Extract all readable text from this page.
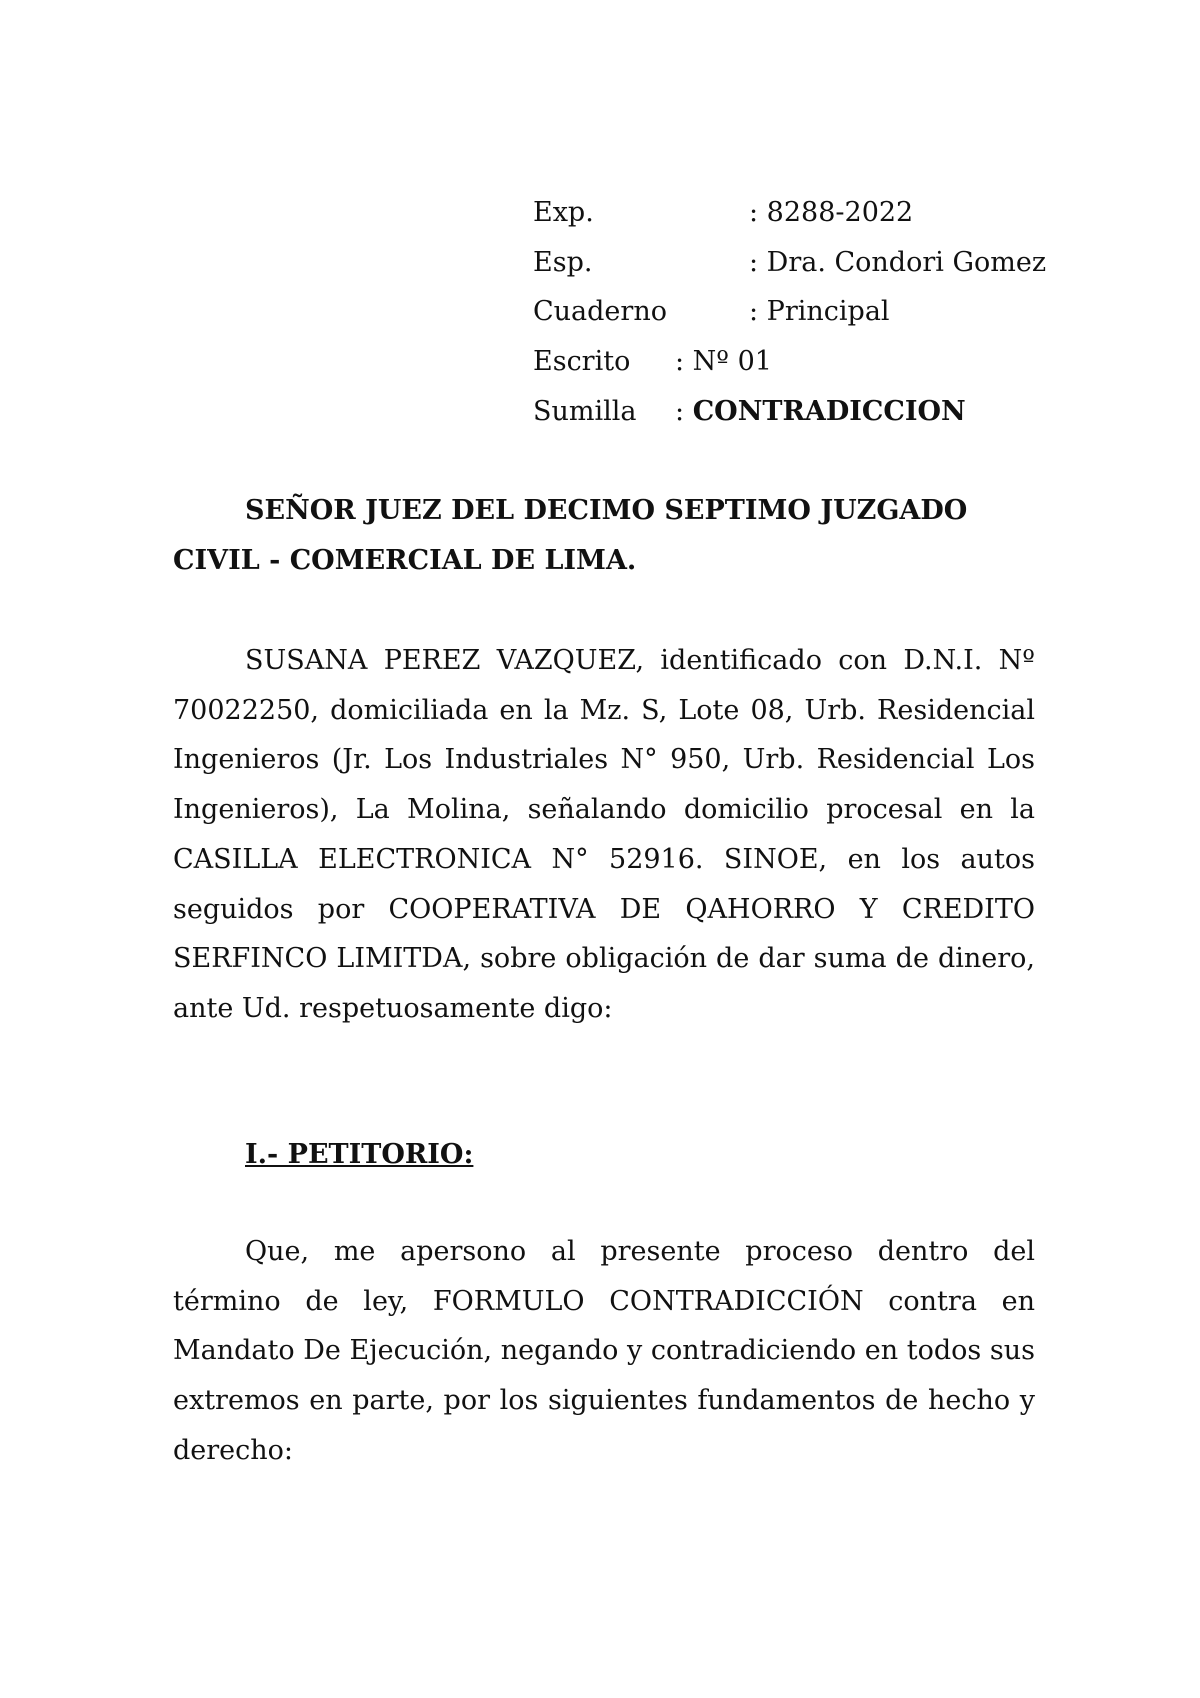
Exp.	: 8288-2022
Esp.	: Dra. Condori Gomez
Cuaderno	: Principal
Escrito : Nº 01
Sumilla : CONTRADICCION

SEÑOR JUEZ DEL DECIMO SEPTIMO JUZGADO CIVIL - COMERCIAL DE LIMA.

SUSANA PEREZ VAZQUEZ, identificado con D.N.I. Nº 70022250, domiciliada en la Mz. S, Lote 08, Urb. Residencial Ingenieros (Jr. Los Industriales N° 950, Urb. Residencial Los Ingenieros), La Molina, señalando domicilio procesal en la CASILLA ELECTRONICA N° 52916. SINOE, en los autos seguidos por COOPERATIVA DE QAHORRO Y CREDITO SERFINCO LIMITDA, sobre obligación de dar suma de dinero, ante Ud. respetuosamente digo:

I.- PETITORIO:

Que, me apersono al presente proceso dentro del término de ley, FORMULO CONTRADICCIÓN contra en Mandato De Ejecución, negando y contradiciendo en todos sus extremos en parte, por los siguientes fundamentos de hecho y derecho:
